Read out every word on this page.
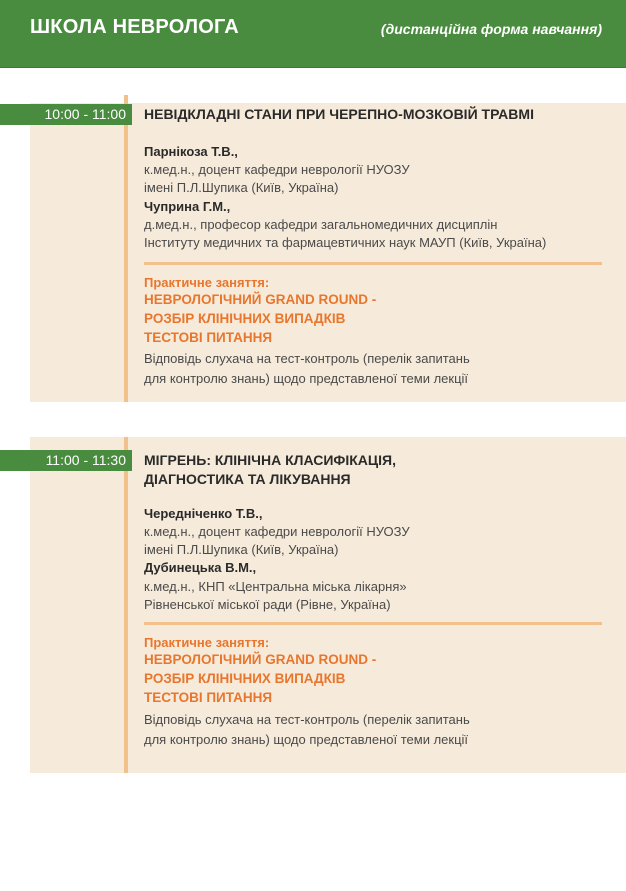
ШКОЛА НЕВРОЛОГА	(дистанційна форма навчання)
10:00 - 11:00	НЕВІДКЛАДНІ СТАНИ ПРИ ЧЕРЕПНО-МОЗКОВІЙ ТРАВМІ
Парнікоза Т.В.,
к.мед.н., доцент кафедри неврології НУОЗУ
імені П.Л.Шупика (Київ, Україна)
Чуприна Г.М.,
д.мед.н., професор кафедри загальномедичних дисциплін
Інституту медичних та фармацевтичних наук МАУП (Київ, Україна)
Практичне заняття:
НЕВРОЛОГІЧНИЙ GRAND ROUND -
РОЗБІР КЛІНІЧНИХ ВИПАДКІВ
ТЕСТОВІ ПИТАННЯ
Відповідь слухача на тест-контроль (перелік запитань
для контролю знань) щодо представленої теми лекції
11:00 - 11:30	МІГРЕНЬ: КЛІНІЧНА КЛАСИФІКАЦІЯ,
ДІАГНОСТИКА ТА ЛІКУВАННЯ
Чередніченко Т.В.,
к.мед.н., доцент кафедри неврології НУОЗУ
імені П.Л.Шупика (Київ, Україна)
Дубинецька В.М.,
к.мед.н., КНП «Центральна міська лікарня»
Рівненської міської ради (Рівне, Україна)
Практичне заняття:
НЕВРОЛОГІЧНИЙ GRAND ROUND -
РОЗБІР КЛІНІЧНИХ ВИПАДКІВ
ТЕСТОВІ ПИТАННЯ
Відповідь слухача на тест-контроль (перелік запитань
для контролю знань) щодо представленої теми лекції
